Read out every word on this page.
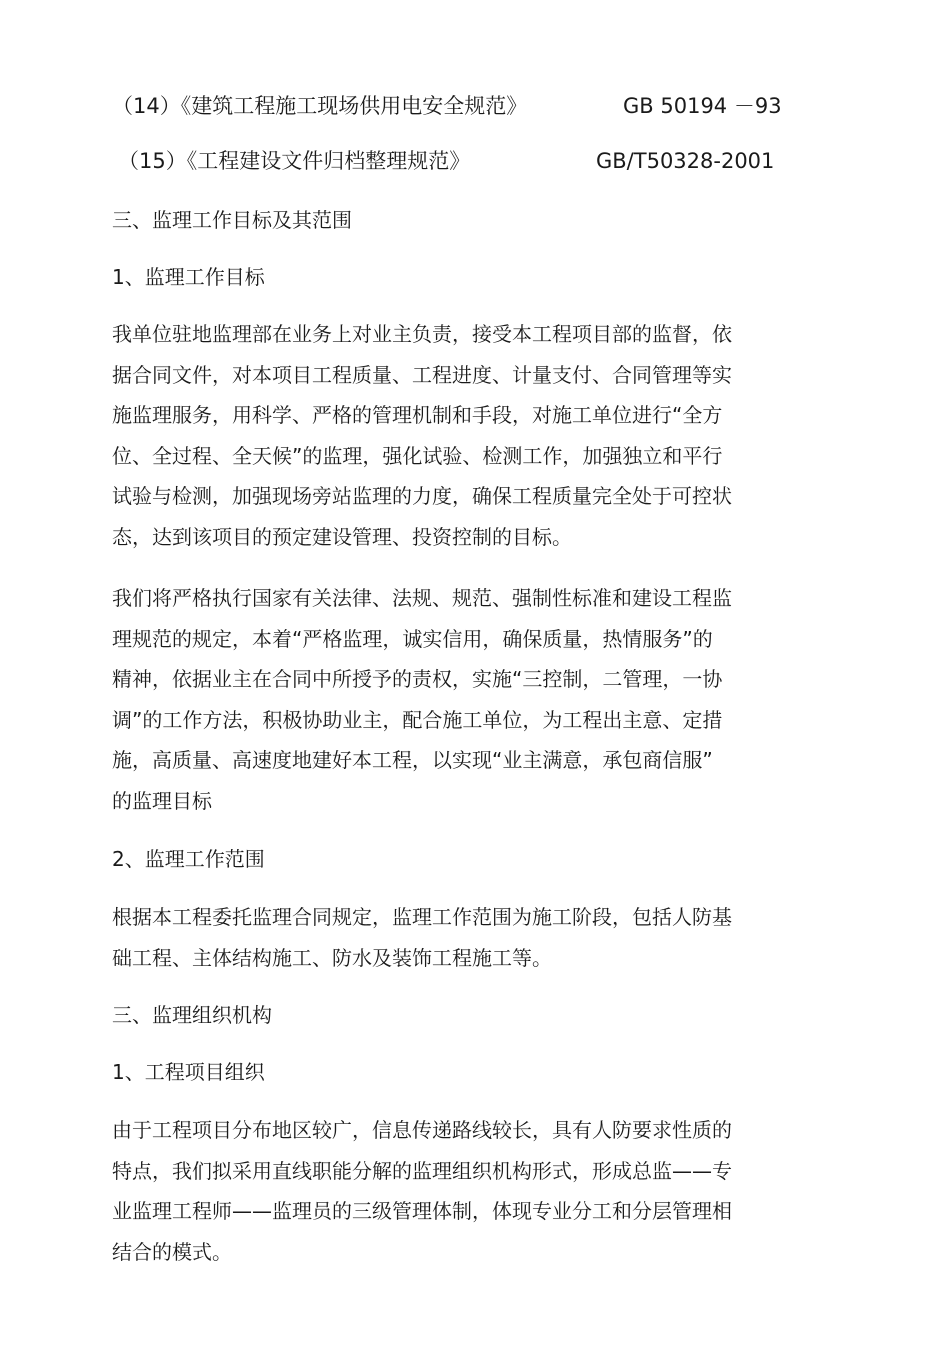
（14）《建筑工程施工现场供用电安全规范》	GB 50194 －93
（15）《工程建设文件归档整理规范》	GB/T50328-2001
三、监理工作目标及其范围
1、监理工作目标
我单位驻地监理部在业务上对业主负责，接受本工程项目部的监督，依
据合同文件，对本项目工程质量、工程进度、计量支付、合同管理等实
施监理服务，用科学、严格的管理机制和手段，对施工单位进行“全方
位、全过程、全天候”的监理，强化试验、检测工作，加强独立和平行
试验与检测，加强现场旁站监理的力度，确保工程质量完全处于可控状
态，达到该项目的预定建设管理、投资控制的目标。
我们将严格执行国家有关法律、法规、规范、强制性标准和建设工程监
理规范的规定，本着“严格监理，诚实信用，确保质量，热情服务”的
精神，依据业主在合同中所授予的责权，实施“三控制，二管理，一协
调”的工作方法，积极协助业主，配合施工单位，为工程出主意、定措
施，高质量、高速度地建好本工程，以实现“业主满意，承包商信服”
的监理目标
2、监理工作范围
根据本工程委托监理合同规定，监理工作范围为施工阶段，包括人防基
础工程、主体结构施工、防水及装饰工程施工等。
三、监理组织机构
1、工程项目组织
由于工程项目分布地区较广，信息传递路线较长，具有人防要求性质的
特点，我们拟采用直线职能分解的监理组织机构形式，形成总监——专
业监理工程师——监理员的三级管理体制，体现专业分工和分层管理相
结合的模式。
